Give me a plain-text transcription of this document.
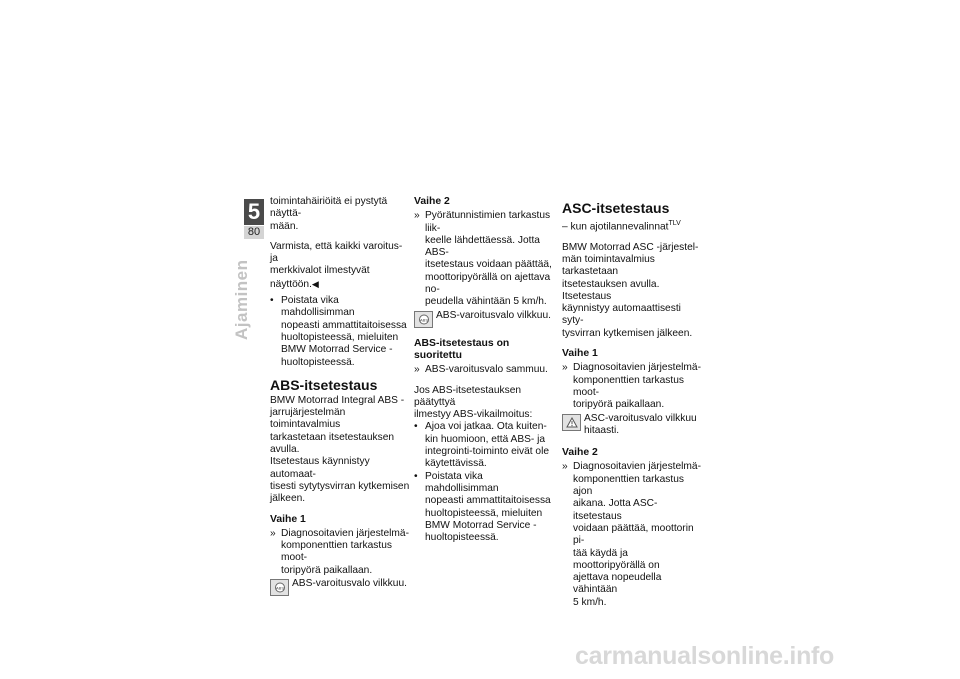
5
80
Ajaminen

toimintahäiriöitä ei pystytä näyttä-
mään.

Varmista, että kaikki varoitus- ja
merkkivalot ilmestyvät näyttöön.◀

• Poistata vika mahdollisimman
nopeasti ammattitaitoisessa
huoltopisteessä, mieluiten
BMW Motorrad Service -
huoltopisteessä.
ABS-itsetestaus

BMW Motorrad Integral ABS -
jarrujärjestelmän toimintavalmius
tarkastetaan itsetestauksen avulla.
Itsetestaus käynnistyy automaat-
tisesti sytytysvirran kytkemisen
jälkeen.

Vaihe 1
» Diagnosoitavien järjestelmä-
komponenttien tarkastus moot-
toripyörä paikallaan.
ABS ABS-varoitusvalo vilkkuu.
Vaihe 2
» Pyörätunnistimien tarkastus liik-
keelle lähdettäessä. Jotta ABS-
itsetestaus voidaan päättää,
moottoripyörällä on ajettava no-
peudella vähintään 5 km/h.
ABS ABS-varoitusvalo vilkkuu.
ABS-itsetestaus on
suoritettu
» ABS-varoitusvalo sammuu.

Jos ABS-itsetestauksen päätyttyä
ilmestyy ABS-vikailmoitus:

• Ajoa voi jatkaa. Ota kuiten-
kin huomioon, että ABS- ja
integrointi-toiminto eivät ole
käytettävissä.
• Poistata vika mahdollisimman
nopeasti ammattitaitoisessa
huoltopisteessä, mieluiten
BMW Motorrad Service -
huoltopisteessä.
ASC-itsetestaus

– kun ajotilannevalinnat$^{TLV}$

BMW Motorrad ASC -järjestel-
män toimintavalmius tarkastetaan
itsetestauksen avulla. Itsetestaus
käynnistyy automaattisesti syty-
tysvirran kytkemisen jälkeen.

Vaihe 1
» Diagnosoitavien järjestelmä-
komponenttien tarkastus moot-
toripyörä paikallaan.
ASC-varoitusvalo vilkkuu
hitaasti.
Vaihe 2
» Diagnosoitavien järjestelmä-
komponenttien tarkastus ajon
aikana. Jotta ASC-itsetestaus
voidaan päättää, moottorin pi-
tää käydä ja moottoripyörällä on
ajettava nopeudella vähintään
5 km/h.
carmanualsonline.info
